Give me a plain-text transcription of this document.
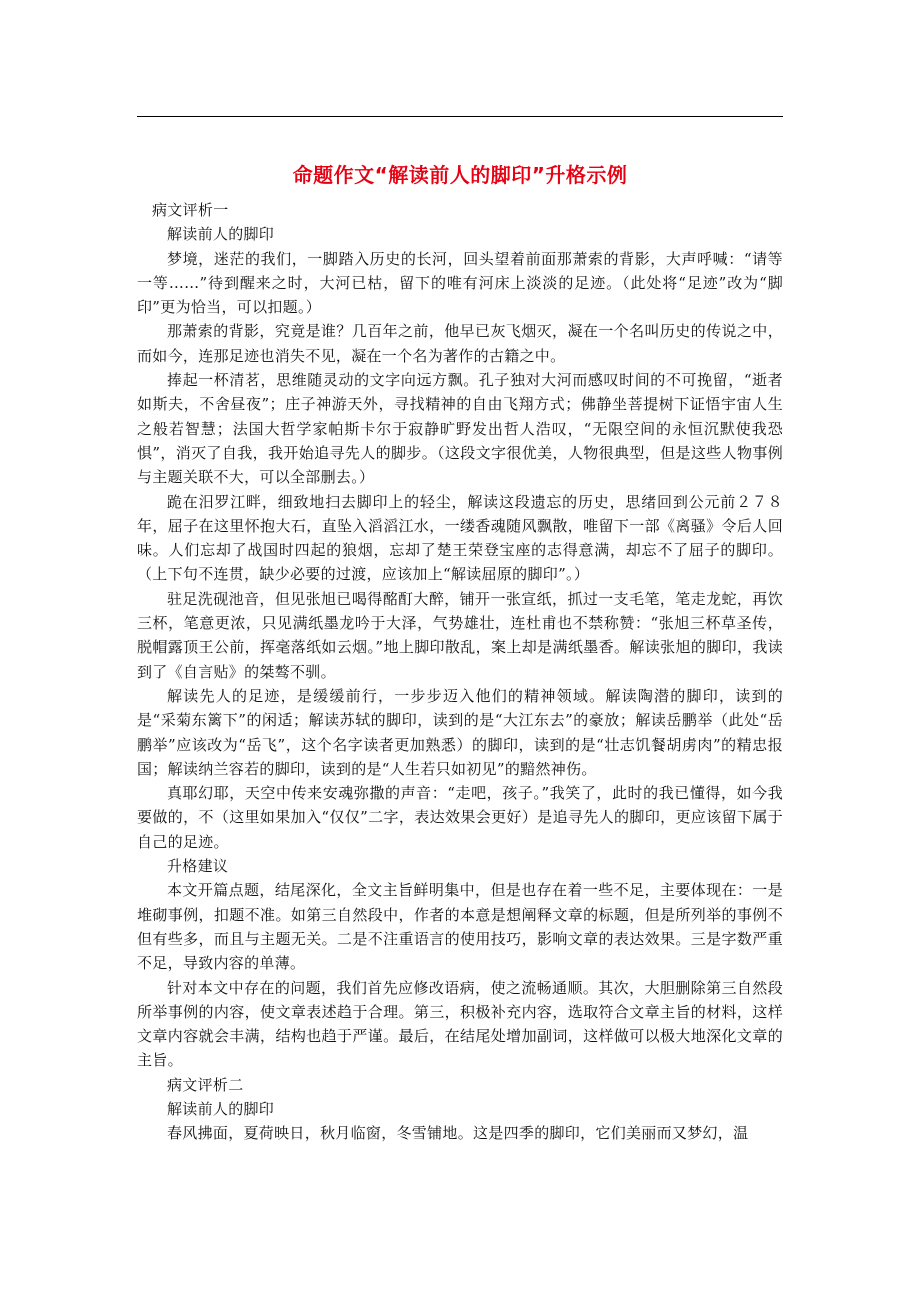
命题作文“解读前人的脚印”升格示例
病文评析一
解读前人的脚印

梦境，迷茫的我们，一脚踏入历史的长河，回头望着前面那萧索的背影，大声呼喊：“请等一等……”待到醒来之时，大河已枯，留下的唯有河床上淡淡的足迹。（此处将“足迹”改为“脚印”更为恰当，可以扣题。）

那萧索的背影，究竟是谁？几百年之前，他早已灰飞烟灭，凝在一个名叫历史的传说之中，而如今，连那足迹也消失不见，凝在一个名为著作的古籍之中。

捧起一杯清茗，思维随灵动的文字向远方飘。孔子独对大河而感叹时间的不可挽留，“逝者如斯夫，不舍昼夜”；庄子神游天外，寻找精神的自由飞翔方式；佛静坐菩提树下证悟宇宙人生之般若智慧；法国大哲学家帕斯卡尔于寂静旷野发出哲人浩叹，“无限空间的永恒沉默使我恐惧”，消灭了自我，我开始追寻先人的脚步。（这段文字很优美，人物很典型，但是这些人物事例与主题关联不大，可以全部删去。）

跪在汨罗江畔，细致地扫去脚印上的轻尘，解读这段遗忘的历史，思绪回到公元前２７８年，屈子在这里怀抱大石，直坠入滔滔江水，一缕香魂随风飘散，唯留下一部《离骚》令后人回味。人们忘却了战国时四起的狼烟，忘却了楚王荣登宝座的志得意满，却忘不了屈子的脚印。（上下句不连贯，缺少必要的过渡，应该加上“解读屈原的脚印”。）

驻足洗砚池音，但见张旭已喝得酩酊大醉，铺开一张宣纸，抓过一支毛笔，笔走龙蛇，再饮三杯，笔意更浓，只见满纸墨龙吟于大泽，气势雄壮，连杜甫也不禁称赞：“张旭三杯草圣传，脱帽露顶王公前，挥毫落纸如云烟。”地上脚印散乱，案上却是满纸墨香。解读张旭的脚印，我读到了《自言贴》的桀骜不驯。

解读先人的足迹，是缓缓前行，一步步迈入他们的精神领域。解读陶潜的脚印，读到的是“采菊东篱下”的闲适；解读苏轼的脚印，读到的是“大江东去”的豪放；解读岳鹏举（此处“岳鹏举”应该改为“岳飞”，这个名字读者更加熟悉）的脚印，读到的是“壮志饥餐胡虏肉”的精忠报国；解读纳兰容若的脚印，读到的是“人生若只如初见”的黯然神伤。

真耶幻耶，天空中传来安魂弥撒的声音：“走吧，孩子。”我笑了，此时的我已懂得，如今我要做的，不（这里如果加入“仅仅”二字，表达效果会更好）是追寻先人的脚印，更应该留下属于自己的足迹。

升格建议

本文开篇点题，结尾深化，全文主旨鲜明集中，但是也存在着一些不足，主要体现在：一是堆砌事例，扣题不准。如第三自然段中，作者的本意是想阐释文章的标题，但是所列举的事例不但有些多，而且与主题无关。二是不注重语言的使用技巧，影响文章的表达效果。三是字数严重不足，导致内容的单薄。

针对本文中存在的问题，我们首先应修改语病，使之流畅通顺。其次，大胆删除第三自然段所举事例的内容，使文章表述趋于合理。第三，积极补充内容，选取符合文章主旨的材料，这样文章内容就会丰满，结构也趋于严谨。最后，在结尾处增加副词，这样做可以极大地深化文章的主旨。

病文评析二
解读前人的脚印

春风拂面，夏荷映日，秋月临窗，冬雪铺地。这是四季的脚印，它们美丽而又梦幻，温
